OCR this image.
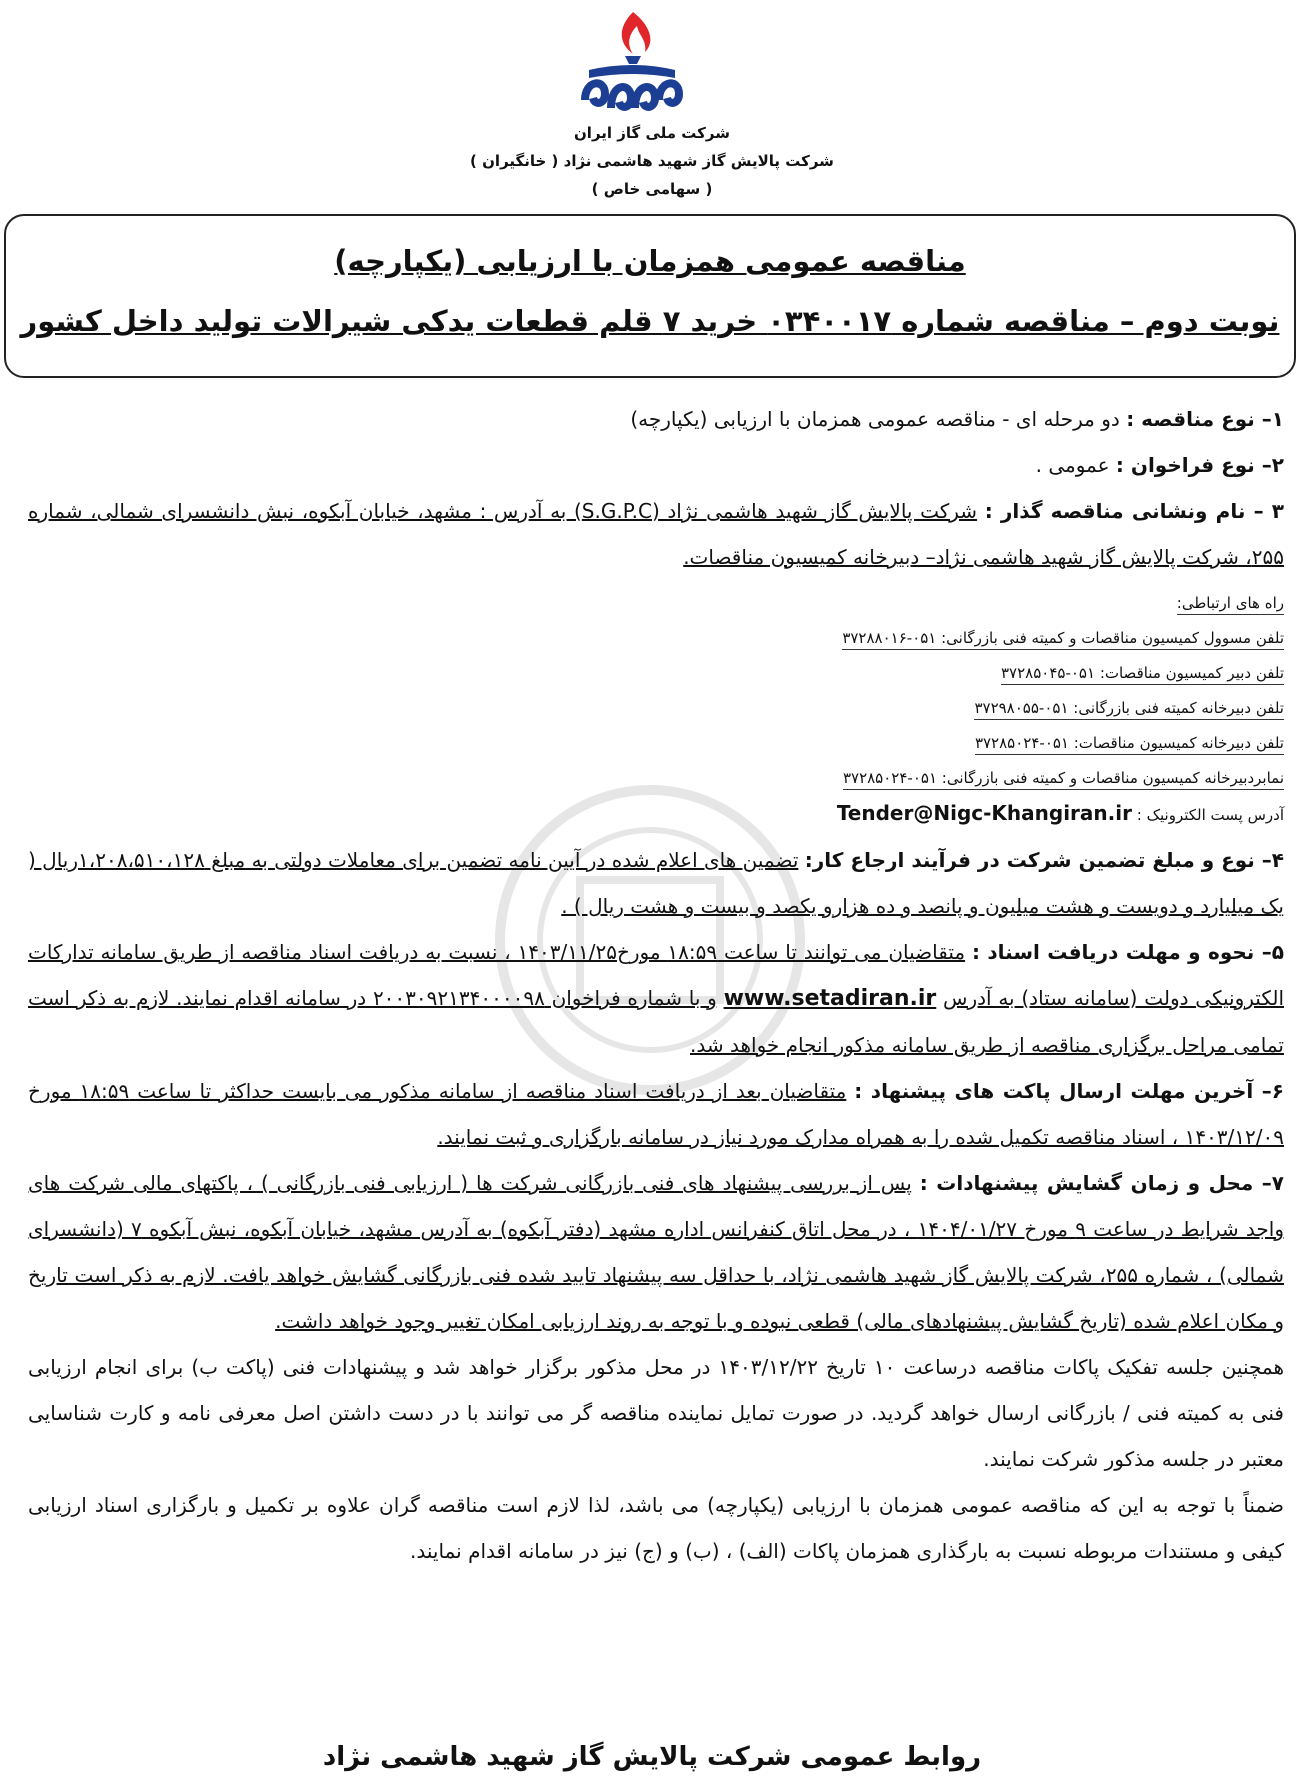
شرکت ملی گاز ایران
شرکت پالایش گاز شهید هاشمی نژاد ( خانگیران )
( سهامی خاص )
مناقصه عمومی همزمان با ارزیابی (یکپارچه)
نوبت دوم – مناقصه شماره ۰۳۴۰۰۱۷ خرید ۷ قلم قطعات یدکی شیرالات تولید داخل کشور

۱– نوع مناقصه : دو مرحله ای - مناقصه عمومی همزمان با ارزیابی (یکپارچه)

۲– نوع فراخوان : عمومی .

۳ – نام ونشانی مناقصه گذار : شرکت پالایش گاز شهید هاشمی نژاد (S.G.P.C) به آدرس : مشهد، خیابان آبکوه، نبش دانشسرای شمالی، شماره ۲۵۵، شرکت پالایش گاز شهید هاشمی نژاد– دبیرخانه کمیسیون مناقصات.

راه های ارتباطی:
تلفن مسوول کمیسیون مناقصات و کمیته فنی بازرگانی: ۰۵۱-۳۷۲۸۸۰۱۶
تلفن دبیر کمیسیون مناقصات: ۰۵۱-۳۷۲۸۵۰۴۵
تلفن دبیرخانه کمیته فنی بازرگانی: ۰۵۱-۳۷۲۹۸۰۵۵
تلفن دبیرخانه کمیسیون مناقصات: ۰۵۱-۳۷۲۸۵۰۲۴
نمابردبیرخانه کمیسیون مناقصات و کمیته فنی بازرگانی: ۰۵۱-۳۷۲۸۵۰۲۴
آدرس پست الکترونیک : Tender@Nigc-Khangiran.ir

۴– نوع و مبلغ تضمین شرکت در فرآیند ارجاع کار: تضمین های اعلام شده در آیین نامه تضمین برای معاملات دولتی به مبلغ ۱،۲۰۸،۵۱۰،۱۲۸ریال ( یک میلیارد و دویست و هشت میلیون و پانصد و ده هزارو یکصد و بیست و هشت ریال ) .

۵– نحوه و مهلت دریافت اسناد : متقاضیان می توانند تا ساعت ۱۸:۵۹ مورخ۱۴۰۳/۱۱/۲۵ ، نسبت به دریافت اسناد مناقصه از طریق سامانه تدارکات الکترونیکی دولت (سامانه ستاد) به آدرس www.setadiran.ir و با شماره فراخوان ۲۰۰۳۰۹۲۱۳۴۰۰۰۰۹۸ در سامانه اقدام نمایند. لازم به ذکر است تمامی مراحل برگزاری مناقصه از طریق سامانه مذکور انجام خواهد شد.

۶– آخرین مهلت ارسال پاکت های پیشنهاد : متقاضیان بعد از دریافت اسناد مناقصه از سامانه مذکور می بایست حداکثر تا ساعت ۱۸:۵۹ مورخ ۱۴۰۳/۱۲/۰۹ ، اسناد مناقصه تکمیل شده را به همراه مدارک مورد نیاز در سامانه بارگزاری و ثبت نمایند.

۷– محل و زمان گشایش پیشنهادات : پس از بررسی پیشنهاد های فنی بازرگانی شرکت ها ( ارزیابی فنی بازرگانی ) ، پاکتهای مالی شرکت های واجد شرایط در ساعت ۹ مورخ ۱۴۰۴/۰۱/۲۷ ، در محل اتاق کنفرانس اداره مشهد (دفتر آبکوه) به آدرس مشهد، خیابان آبکوه، نبش آبکوه ۷ (دانشسرای شمالی) ، شماره ۲۵۵، شرکت پالایش گاز شهید هاشمی نژاد، با حداقل سه پیشنهاد تایید شده فنی بازرگانی گشایش خواهد یافت. لازم به ذکر است تاریخ و مکان اعلام شده (تاریخ گشایش پیشنهادهای مالی) قطعی نبوده و با توجه به روند ارزیابی امکان تغییر وجود خواهد داشت.

همچنین جلسه تفکیک پاکات مناقصه درساعت ۱۰ تاریخ ۱۴۰۳/۱۲/۲۲ در محل مذکور برگزار خواهد شد و پیشنهادات فنی (پاکت ب) برای انجام ارزیابی فنی به کمیته فنی / بازرگانی ارسال خواهد گردید. در صورت تمایل نماینده مناقصه گر می توانند با در دست داشتن اصل معرفی نامه و کارت شناسایی معتبر در جلسه مذکور شرکت نمایند.

ضمناً با توجه به این که مناقصه عمومی همزمان با ارزیابی (یکپارچه) می باشد، لذا لازم است مناقصه گران علاوه بر تکمیل و بارگزاری اسناد ارزیابی کیفی و مستندات مربوطه نسبت به بارگذاری همزمان پاکات (الف) ، (ب) و (ج) نیز در سامانه اقدام نمایند.

روابط عمومی شرکت پالایش گاز شهید هاشمی نژاد
